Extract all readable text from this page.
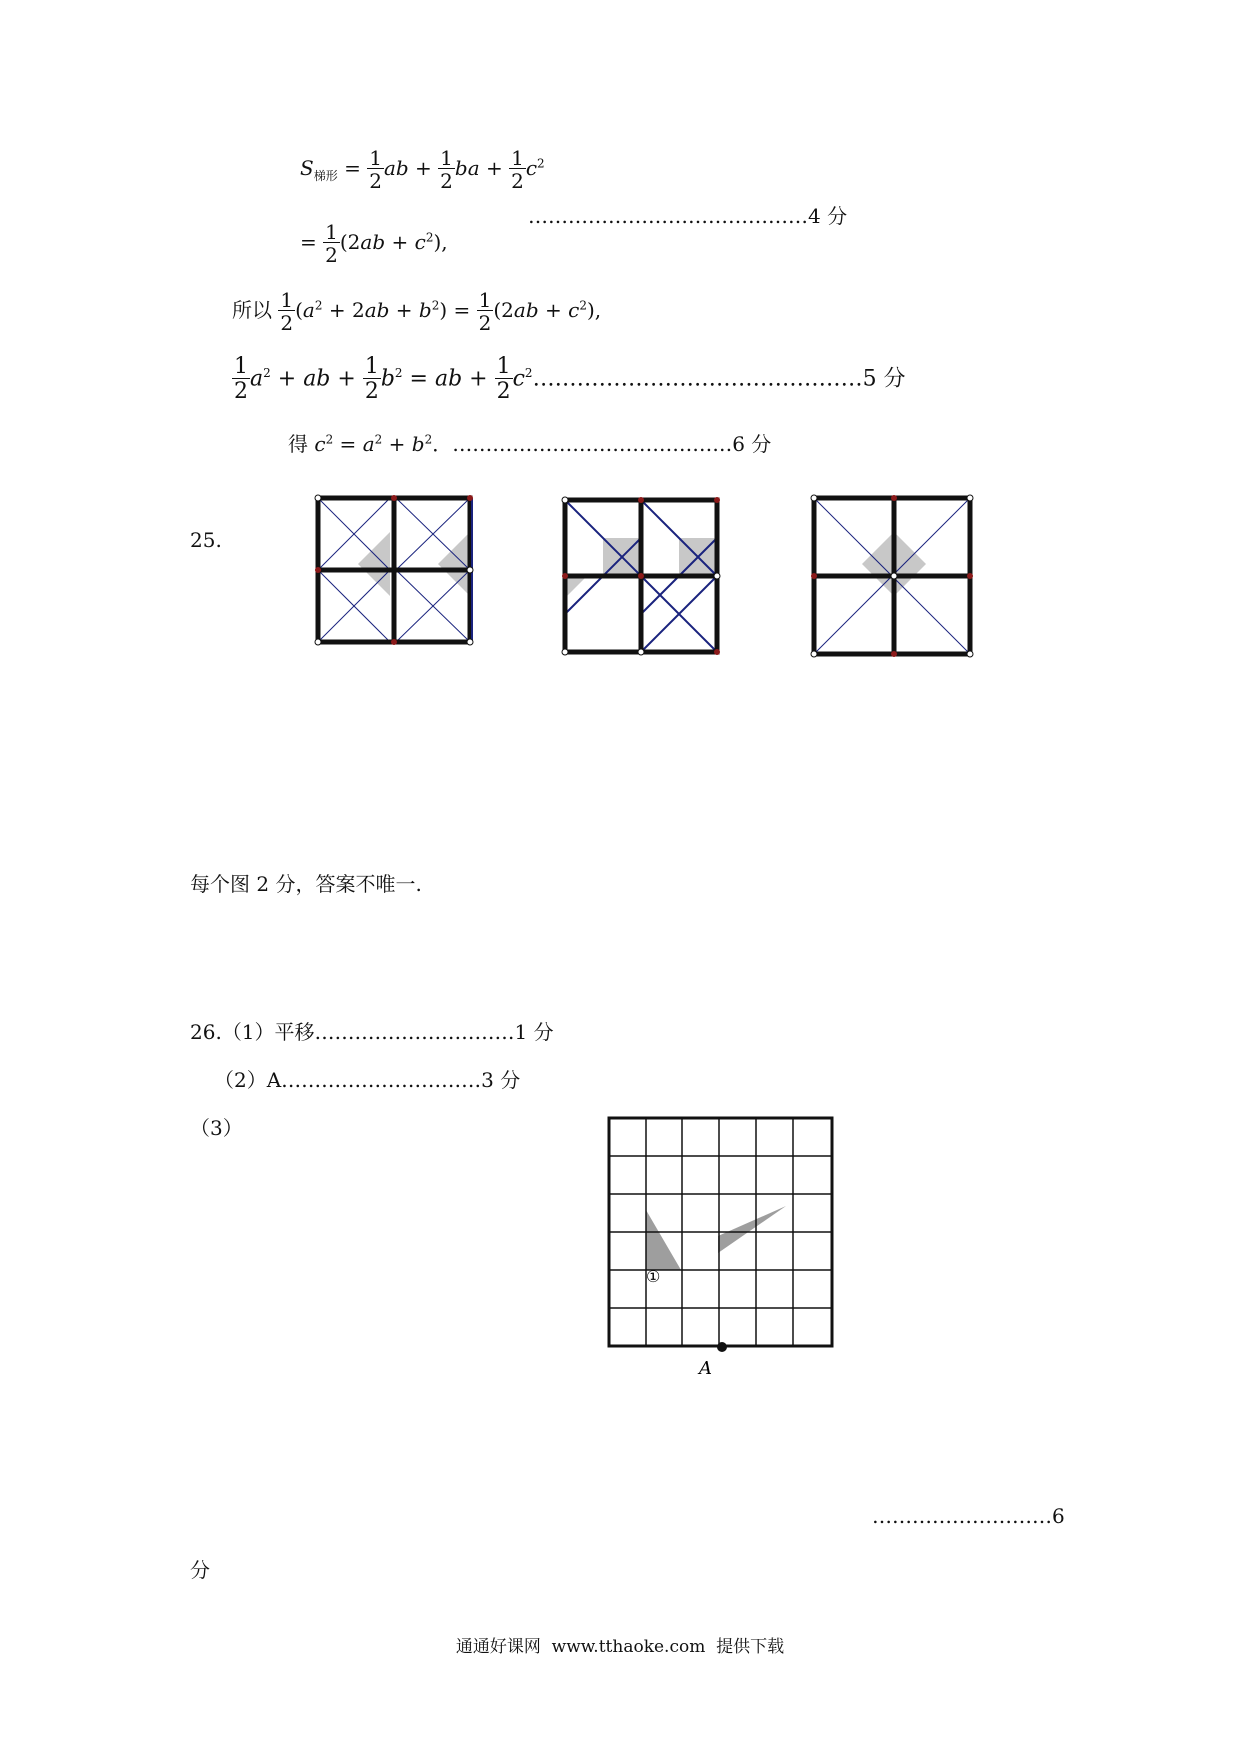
$S_{梯形} = \frac{1}{2}$ ab + $\frac{1}{2}$ ba + $\frac{1}{2} c^2$
……………………………………4 分
= $\frac{1}{2} (2ab + c^2)$,
所以 $\frac{1}{2} (a^2 + 2ab + b^2) = \frac{1}{2} (2ab + c^2)$,
$\frac{1}{2} a^2$ + ab + $\frac{1}{2} b^2$ = ab + $\frac{1}{2}$ $c^2\dots\dots\dots\dots\dots\dots\dots\dots\dots\dots\dots\dots\dots\dots\dots 5$ 分
得 $c^2 = a^2 + b^2$．……………………………………6 分
25.
每个图 2 分，答案不唯一.
26.（1）平移…………………………1 分
（2）A…………………………3 分
（3）
①
A
………………………6
分
通通好课网  www.tthaoke.com  提供下载
